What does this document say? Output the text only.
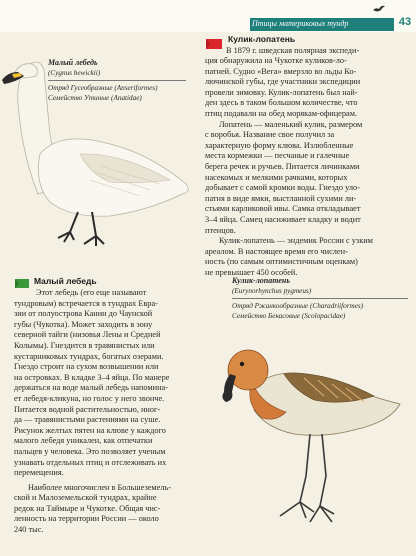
Птицы материковых тундр	43
Малый лебедь
(Cygnus bewickii)
Отряд Гусеобразные (Anseriformes)
Семейство Утиные (Anatidae)
Кулик-лопатень
В 1879 г. шведская полярная экспеди-
ция обнаружила на Чукотке куликов-ло-
патней. Судно «Вега» вмерзло во льды Ко-
лючинской губы, где участники экспедиции
провели зимовку. Кулик-лопатень был най-
ден здесь в таком большом количестве, что
птиц подавали на обед морякам-офицерам.
Лопатень — маленький кулик, размером
с воробья. Название свое получил за
характерную форму клюва. Излюбленные
места кормежки — песчаные и галечные
берега речек и ручьев. Питается личинками
насекомых и мелкими рачками, которых
добывает с самой кромки воды. Гнездо уло-
патня в виде ямки, выстланной сухими ли-
стьями карликовой ивы. Самка откладывает
3–4 яйца. Самец насиживает кладку и водит
птенцов.
Кулик-лопатень — эндемик России с узким
ареалом. В настоящее время его числен-
ность (по самым оптимистичным оценкам)
не превышает 450 особей.
Малый лебедь
Этот лебедь (его еще называют
тундровым) встречается в тундрах Евра-
зии от полуострова Канин до Чаунской
губы (Чукотка). Может заходить в зону
северной тайги (низовья Лены и Средней
Колымы). Гнездится в травянистых или
кустарниковых тундрах, богатых озерами.
Гнездо строит на сухом возвышении или
на островках. В кладке 3–4 яйца. По манере
держаться на воде малый лебедь напомина-
ет лебедя-кликуна, но голос у него звонче.
Питается водной растительностью, иног-
да — травянистыми растениями на суше.
Рисунок желтых пятен на клюве у каждого
малого лебедя уникален, как отпечатки
пальцев у человека. Это позволяет ученым
узнавать отдельных птиц и отслеживать их
перемещения.
Наиболее многочислен в Большеземель-
ской и Малоземельской тундрах, крайне
редок на Таймыре и Чукотке. Общая чис-
ленность на территории России — около
240 тыс.
Кулик-лопатень
(Eurynorhynchus pygmeus)
Отряд Ржанкообразные (Charadriiformes)
Семейство Бекасовые (Scolopacidae)
